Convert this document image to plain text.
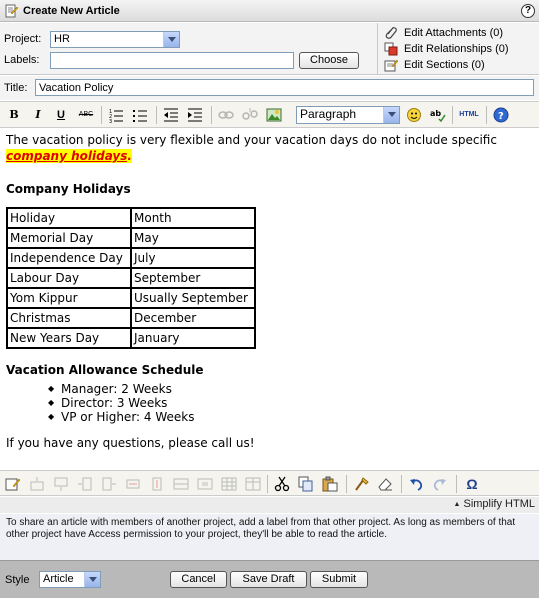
Create New Article	?
Project:	HR
Labels:	Choose
Edit Attachments (0)
Edit Relationships (0)
Edit Sections (0)
Title:
Vacation Policy
B	I	U	ABC	1
2
3
Paragraph	ab	HTML ?

The vacation policy is very flexible and your vacation days do not include specific
company holidays.

Company Holidays
Holiday	Month
Memorial Day	May
Independence Day	July
Labour Day	September
Yom Kippur	Usually September
Christmas	December
New Years Day	January
Vacation Allowance Schedule
◆ Manager: 2 Weeks
◆ Director: 3 Weeks
◆ VP or Higher: 4 Weeks

If you have any questions, please call us!

Ω
▲ Simplify HTML
To share an article with members of another project, add a label from that other project. As long as members of that other project have Access permission to your project, they'll be able to read the article.
Style	Article	Cancel	Save Draft	Submit
